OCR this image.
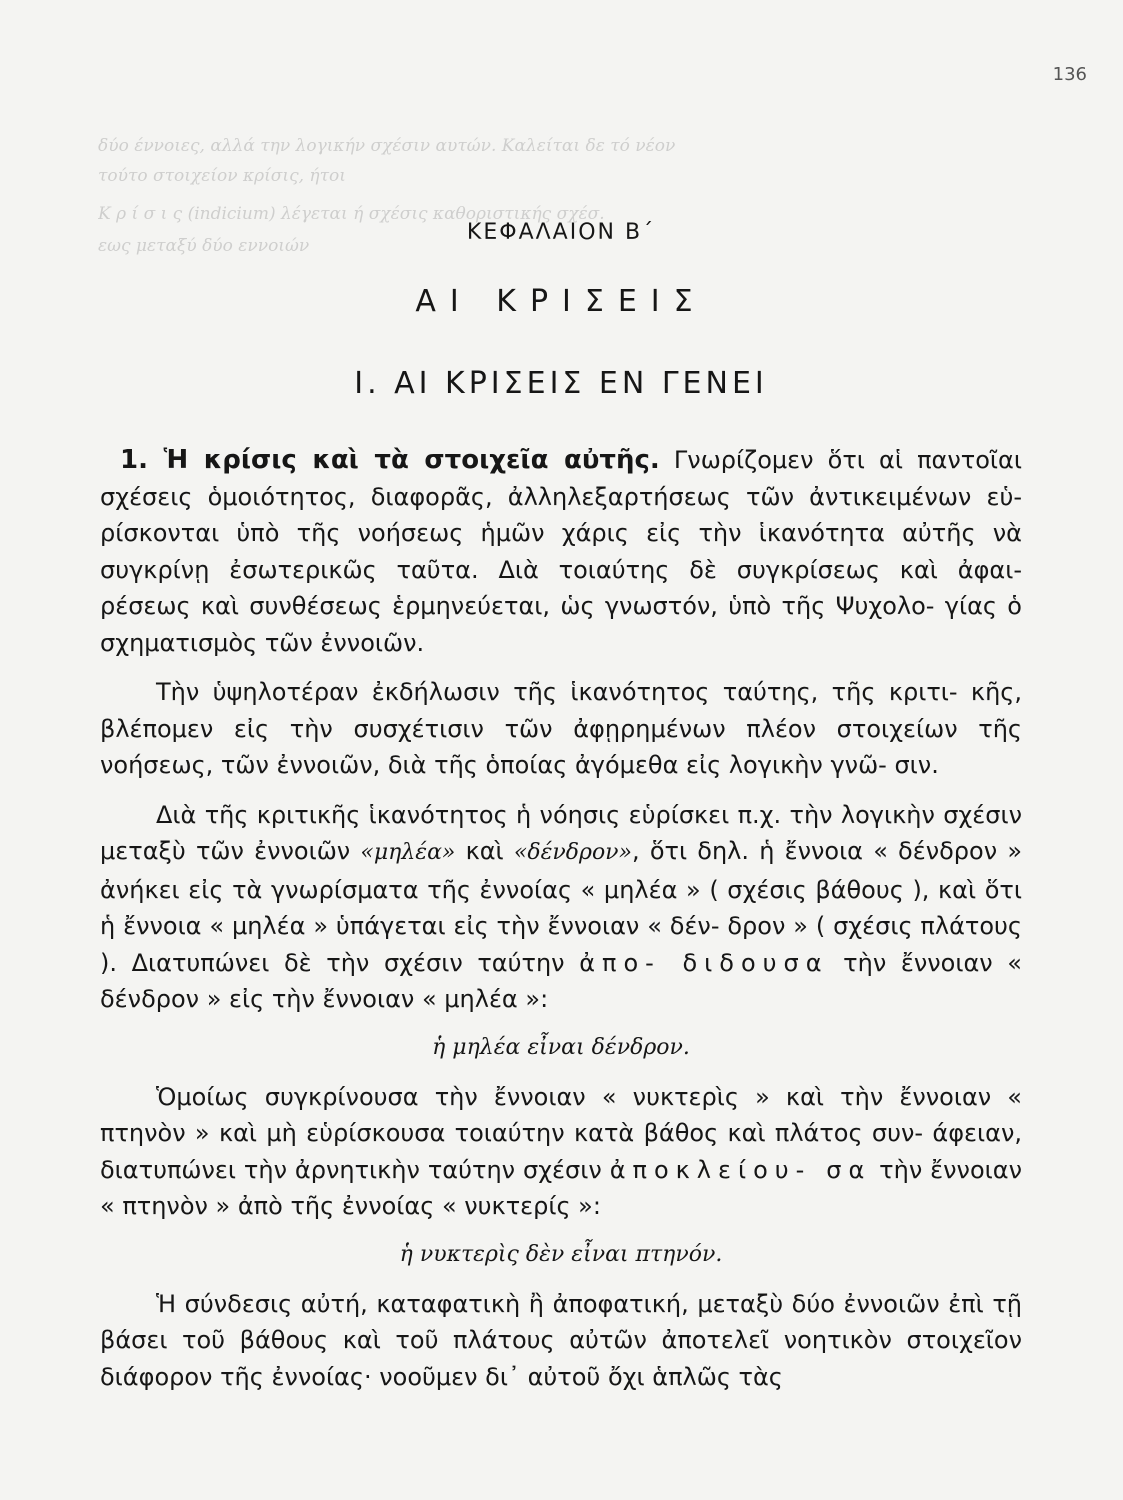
136
δύο έννοιες, αλλά την λογικήν σχέσιν αυτών. Καλείται δε τό νέον
τούτο στοιχείον κρίσις, ήτοι
Κ ρ ί σ ι ς (indicium) λέγεται ή σχέσις καθοριστικής σχέσ.
εως μεταξύ δύο εννοιών
ΚΕΦΑΛΑΙΟΝ Β΄
ΑΙ ΚΡΙΣΕΙΣ
Ι. ΑΙ ΚΡΙΣΕΙΣ ΕΝ ΓΕΝΕΙ

1. Ἡ κρίσις καὶ τὰ στοιχεῖα αὐτῆς. Γνωρίζομεν ὅτι αἱ παντοῖαι σχέσεις ὁμοιότητος, διαφορᾶς, ἀλληλεξαρτήσεως τῶν ἀντικειμένων εὑ- ρίσκονται ὑπὸ τῆς νοήσεως ἡμῶν χάρις εἰς τὴν ἱκανότητα αὐτῆς νὰ συγκρίνῃ ἐσωτερικῶς ταῦτα. Διὰ τοιαύτης δὲ συγκρίσεως καὶ ἀφαι- ρέσεως καὶ συνθέσεως ἑρμηνεύεται, ὡς γνωστόν, ὑπὸ τῆς Ψυχολο- γίας ὁ σχηματισμὸς τῶν ἐννοιῶν.

Τὴν ὑψηλοτέραν ἐκδήλωσιν τῆς ἱκανότητος ταύτης, τῆς κριτι- κῆς, βλέπομεν εἰς τὴν συσχέτισιν τῶν ἀφῃρημένων πλέον στοιχείων τῆς νοήσεως, τῶν ἐννοιῶν, διὰ τῆς ὁποίας ἀγόμεθα εἰς λογικὴν γνῶ- σιν.

Διὰ τῆς κριτικῆς ἱκανότητος ἡ νόησις εὑρίσκει π.χ. τὴν λογικὴν σχέσιν μεταξὺ τῶν ἐννοιῶν «μηλέα» καὶ «δένδρον», ὅτι δηλ. ἡ ἔννοια « δένδρον » ἀνήκει εἰς τὰ γνωρίσματα τῆς ἐννοίας « μηλέα » ( σχέσις βάθους ), καὶ ὅτι ἡ ἔννοια « μηλέα » ὑπάγεται εἰς τὴν ἔννοιαν « δέν- δρον » ( σχέσις πλάτους ). Διατυπώνει δὲ τὴν σχέσιν ταύτην ἀπο- διδουσα τὴν ἔννοιαν « δένδρον » εἰς τὴν ἔννοιαν « μηλέα »:

ἡ μηλέα εἶναι δένδρον.

Ὁμοίως συγκρίνουσα τὴν ἔννοιαν « νυκτερὶς » καὶ τὴν ἔννοιαν « πτηνὸν » καὶ μὴ εὑρίσκουσα τοιαύτην κατὰ βάθος καὶ πλάτος συν- άφειαν, διατυπώνει τὴν ἀρνητικὴν ταύτην σχέσιν ἀποκλείου- σα τὴν ἔννοιαν « πτηνὸν » ἀπὸ τῆς ἐννοίας « νυκτερίς »:

ἡ νυκτερὶς δὲν εἶναι πτηνόν.

Ἡ σύνδεσις αὐτή, καταφατικὴ ἢ ἀποφατική, μεταξὺ δύο ἐννοιῶν ἐπὶ τῇ βάσει τοῦ βάθους καὶ τοῦ πλάτους αὐτῶν ἀποτελεῖ νοητικὸν στοιχεῖον διάφορον τῆς ἐννοίας· νοοῦμεν δι᾽ αὐτοῦ ὄχι ἁπλῶς τὰς
